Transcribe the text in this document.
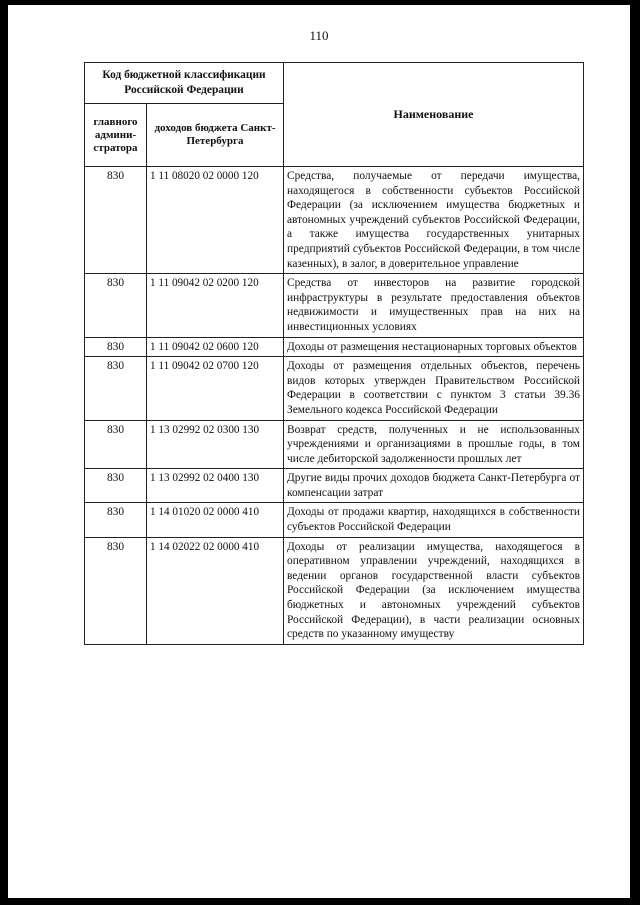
110
Код бюджетной классификации Российской Федерации		Наименование
главного админи-стратора	доходов бюджета Санкт-Петербурга	
830	1 11 08020 02 0000 120	Средства, получаемые от передачи имущества, находящегося в собственности субъектов Российской Федерации (за исключением имущества бюджетных и автономных учреждений субъектов Российской Федерации, а также имущества государственных унитарных предприятий субъектов Российской Федерации, в том числе казенных), в залог, в доверительное управление
830	1 11 09042 02 0200 120	Средства от инвесторов на развитие городской инфраструктуры в результате предоставления объектов недвижимости и имущественных прав на них на инвестиционных условиях
830	1 11 09042 02 0600 120	Доходы от размещения нестационарных торговых объектов
830	1 11 09042 02 0700 120	Доходы от размещения отдельных объектов, перечень видов которых утвержден Правительством Российской Федерации в соответствии с пунктом 3 статьи 39.36 Земельного кодекса Российской Федерации
830	1 13 02992 02 0300 130	Возврат средств, полученных и не использованных учреждениями и организациями в прошлые годы, в том числе дебиторской задолженности прошлых лет
830	1 13 02992 02 0400 130	Другие виды прочих доходов бюджета Санкт-Петербурга от компенсации затрат
830	1 14 01020 02 0000 410	Доходы от продажи квартир, находящихся в собственности субъектов Российской Федерации
830	1 14 02022 02 0000 410	Доходы от реализации имущества, находящегося в оперативном управлении учреждений, находящихся в ведении органов государственной власти субъектов Российской Федерации (за исключением имущества бюджетных и автономных учреждений субъектов Российской Федерации), в части реализации основных средств по указанному имуществу
